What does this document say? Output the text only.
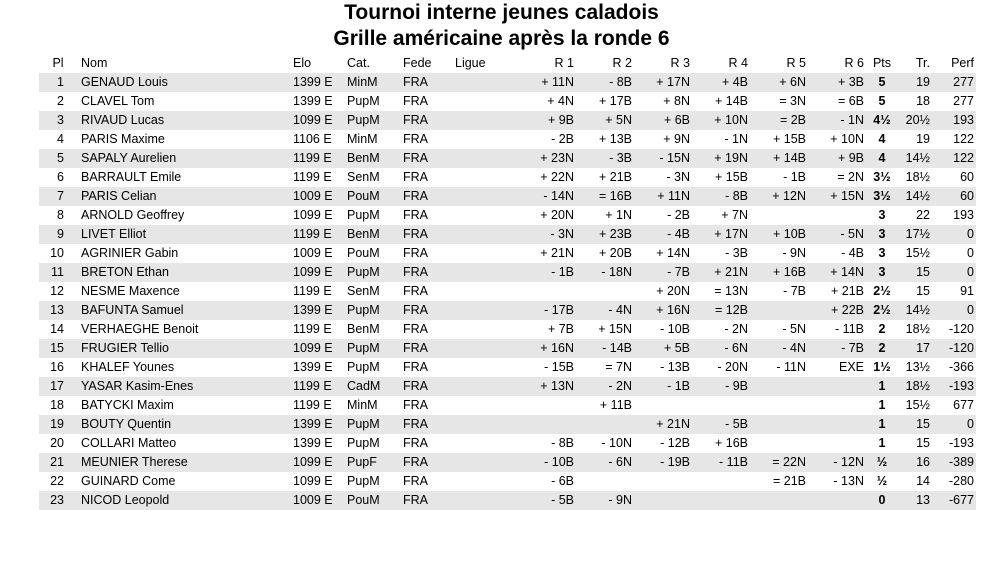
Tournoi interne jeunes caladois
Grille américaine après la ronde 6
Pl	Nom	Elo	Cat.	Fede	Ligue	R 1	R 2	R 3	R 4	R 5	R 6	Pts	Tr.	Perf
1	GENAUD Louis	1399 E	MinM	FRA		+ 11N	- 8B	+ 17N	+ 4B	+ 6N	+ 3B	5	19	277
2	CLAVEL Tom	1399 E	PupM	FRA		+ 4N	+ 17B	+ 8N	+ 14B	= 3N	= 6B	5	18	277
3	RIVAUD Lucas	1099 E	PupM	FRA		+ 9B	+ 5N	+ 6B	+ 10N	= 2B	- 1N	4½	20½	193
4	PARIS Maxime	1106 E	MinM	FRA		- 2B	+ 13B	+ 9N	- 1N	+ 15B	+ 10N	4	19	122
5	SAPALY Aurelien	1199 E	BenM	FRA		+ 23N	- 3B	- 15N	+ 19N	+ 14B	+ 9B	4	14½	122
6	BARRAULT Emile	1199 E	SenM	FRA		+ 22N	+ 21B	- 3N	+ 15B	- 1B	= 2N	3½	18½	60
7	PARIS Celian	1009 E	PouM	FRA		- 14N	= 16B	+ 11N	- 8B	+ 12N	+ 15N	3½	14½	60
8	ARNOLD Geoffrey	1099 E	PupM	FRA		+ 20N	+ 1N	- 2B	+ 7N			3	22	193
9	LIVET Elliot	1199 E	BenM	FRA		- 3N	+ 23B	- 4B	+ 17N	+ 10B	- 5N	3	17½	0
10	AGRINIER Gabin	1009 E	PouM	FRA		+ 21N	+ 20B	+ 14N	- 3B	- 9N	- 4B	3	15½	0
11	BRETON Ethan	1099 E	PupM	FRA		- 1B	- 18N	- 7B	+ 21N	+ 16B	+ 14N	3	15	0
12	NESME Maxence	1199 E	SenM	FRA				+ 20N	= 13N	- 7B	+ 21B	2½	15	91
13	BAFUNTA Samuel	1399 E	PupM	FRA		- 17B	- 4N	+ 16N	= 12B		+ 22B	2½	14½	0
14	VERHAEGHE Benoit	1199 E	BenM	FRA		+ 7B	+ 15N	- 10B	- 2N	- 5N	- 11B	2	18½	-120
15	FRUGIER Tellio	1099 E	PupM	FRA		+ 16N	- 14B	+ 5B	- 6N	- 4N	- 7B	2	17	-120
16	KHALEF Younes	1399 E	PupM	FRA		- 15B	= 7N	- 13B	- 20N	- 11N	EXE	1½	13½	-366
17	YASAR Kasim-Enes	1199 E	CadM	FRA		+ 13N	- 2N	- 1B	- 9B			1	18½	-193
18	BATYCKI Maxim	1199 E	MinM	FRA			+ 11B					1	15½	677
19	BOUTY Quentin	1399 E	PupM	FRA				+ 21N	- 5B			1	15	0
20	COLLARI Matteo	1399 E	PupM	FRA		- 8B	- 10N	- 12B	+ 16B			1	15	-193
21	MEUNIER Therese	1099 E	PupF	FRA		- 10B	- 6N	- 19B	- 11B	= 22N	- 12N	½	16	-389
22	GUINARD Come	1099 E	PupM	FRA		- 6B				= 21B	- 13N	½	14	-280
23	NICOD Leopold	1009 E	PouM	FRA		- 5B	- 9N					0	13	-677
